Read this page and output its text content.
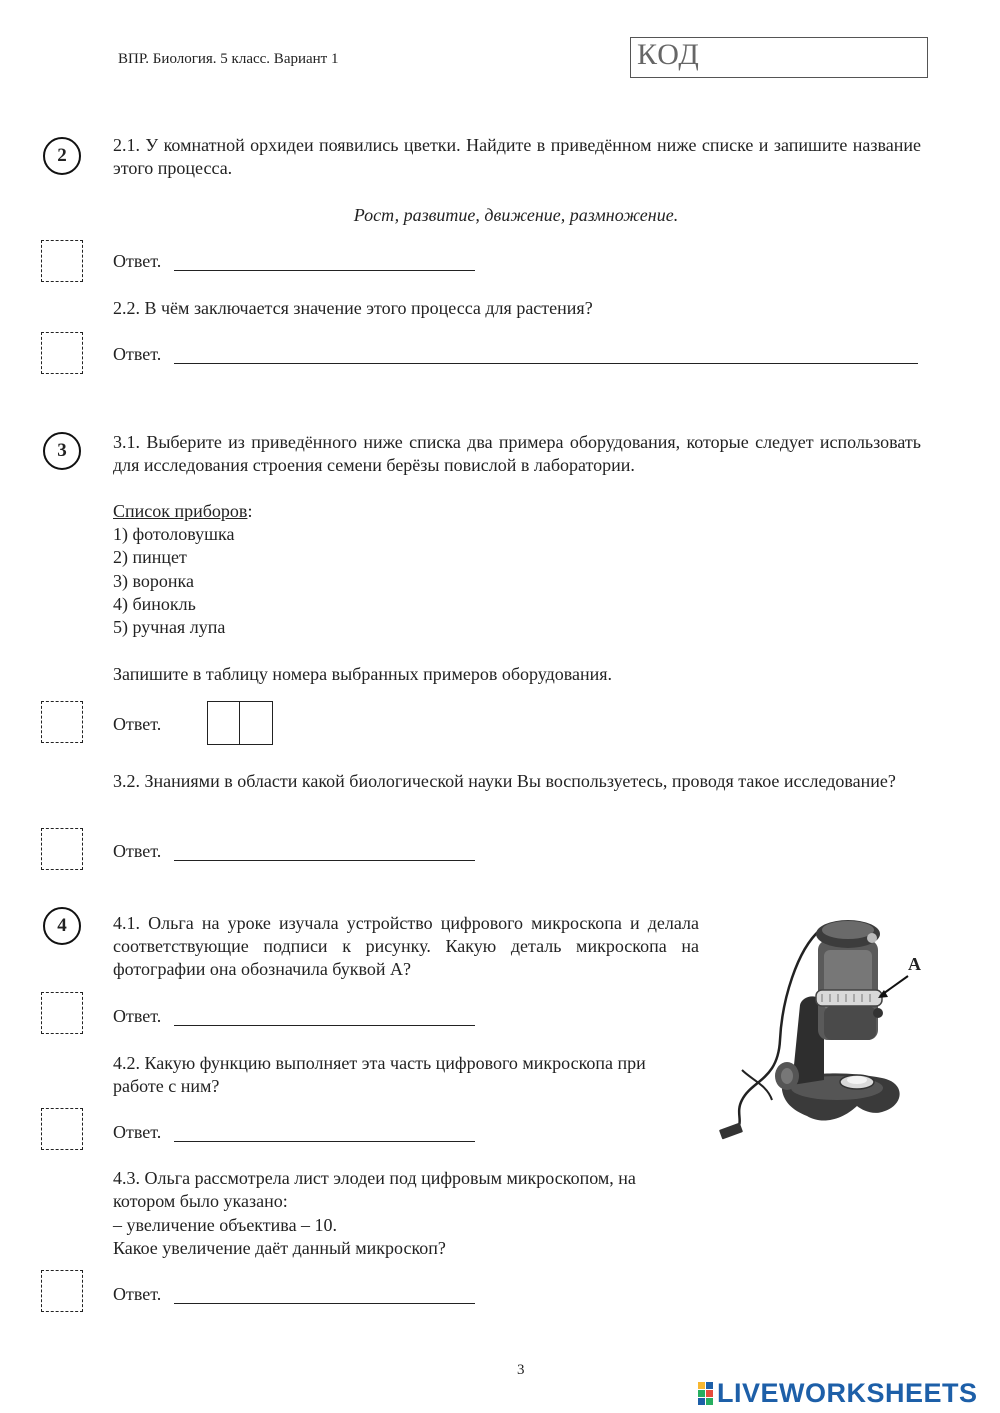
ВПР. Биология. 5 класс. Вариант 1	КОД
2	2.1. У комнатной орхидеи появились цветки. Найдите в приведённом ниже списке и запишите название этого процесса.
Рост, развитие, движение, размножение.
Ответ.
2.2. В чём заключается значение этого процесса для растения?
Ответ.
3	3.1. Выберите из приведённого ниже списка два примера оборудования, которые следует использовать для исследования строения семени берёзы повислой в лаборатории.
Список приборов:
1) фотоловушка
2) пинцет
3) воронка
4) бинокль
5) ручная лупа
Запишите в таблицу номера выбранных примеров оборудования.
Ответ.
3.2. Знаниями в области какой биологической науки Вы воспользуетесь, проводя такое исследование?
Ответ.
4	4.1. Ольга на уроке изучала устройство цифрового микроскопа и делала соответствующие подписи к рисунку. Какую деталь микроскопа на фотографии она обозначила буквой А?
Ответ.
4.2. Какую функцию выполняет эта часть цифрового микроскопа при работе с ним?
Ответ.
4.3. Ольга рассмотрела лист элодеи под цифровым микроскопом, на котором было указано:
– увеличение объектива – 10.
Какое увеличение даёт данный микроскоп?
Ответ.
А
3
LIVEWORKSHEETS
